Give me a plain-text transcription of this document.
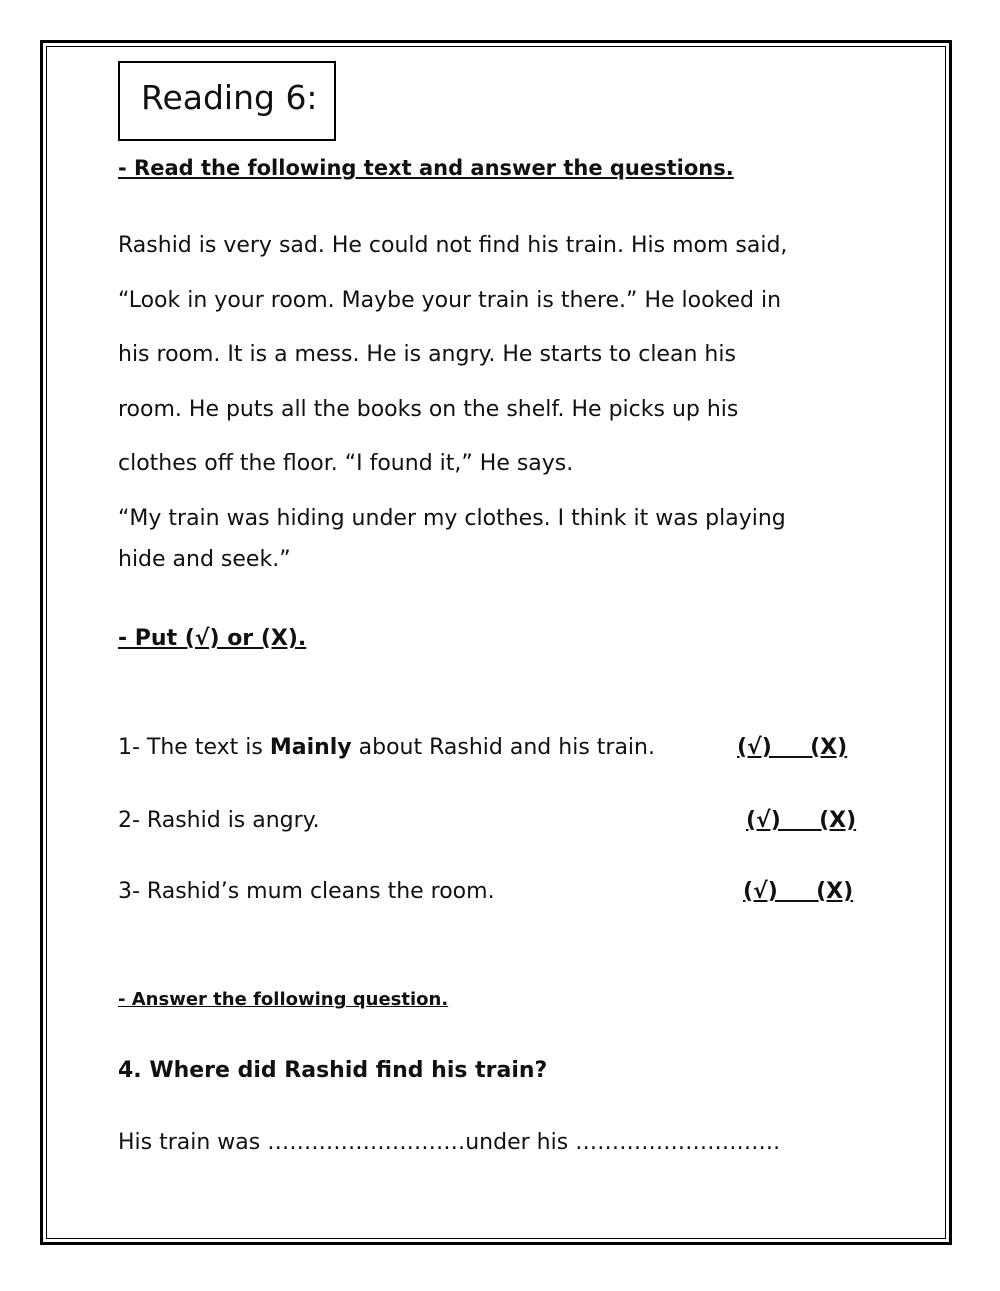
Reading 6:
- Read the following text and answer the questions.
Rashid is very sad. He could not find his train. His mom said,
“Look in your room. Maybe your train is there.” He looked in
his room. It is a mess. He is angry. He starts to clean his
room. He puts all the books on the shelf. He picks up his
clothes off the floor. “I found it,” He says.
“My train was hiding under my clothes. I think it was playing
hide and seek.”
- Put (√) or (X).
1- The text is Mainly about Rashid and his train.	(√)     (X)
2- Rashid is angry.	(√)     (X)
3- Rashid’s mum cleans the room.	(√)     (X)
- Answer the following question.
4. Where did Rashid find his train?
His train was ………………………under his ……………………….
